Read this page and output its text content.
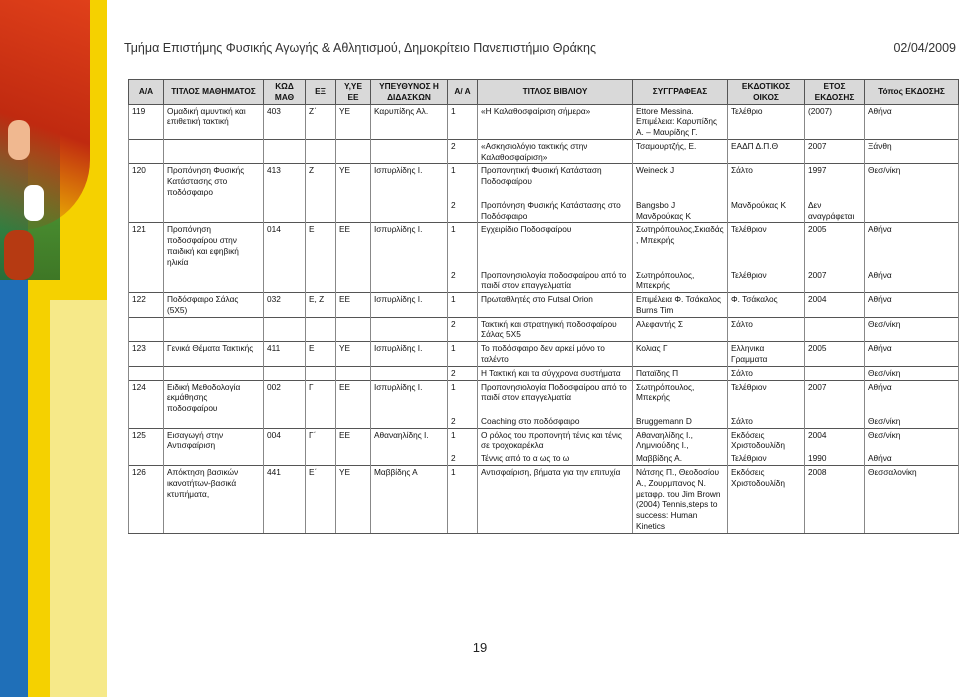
Τμήμα Επιστήμης Φυσικής Αγωγής & Αθλητισμού, Δημοκρίτειο Πανεπιστήμιο Θράκης	02/04/2009
Α/Α	ΤΙΤΛΟΣ ΜΑΘΗΜΑΤΟΣ	ΚΩΔ ΜΑΘ	ΕΞ	Υ,ΥΕ ΕΕ	ΥΠΕΥΘΥΝΟΣ Η ΔΙΔΑΣΚΩΝ	Α/ Α	ΤΙΤΛΟΣ ΒΙΒΛΙΟΥ	ΣΥΓΓΡΑΦΕΑΣ	ΕΚΔΟΤΙΚΟΣ ΟΙΚΟΣ	ΕΤΟΣ ΕΚΔΟΣΗΣ	Τόπος ΕΚΔΟΣΗΣ
119	Ομαδική αμυντική και επιθετική τακτική	403	Ζ΄	ΥΕ	Καρυπίδης Αλ.	1	«Η Καλαθοσφαίριση σήμερα»	Ettore Messina. Επιμέλεια: Καρυπίδης Α. – Μαυρίδης Γ.	Τελέθριο	(2007)	Αθήνα
						2	«Ασκησιολόγιο τακτικής στην Καλαθοσφαίριση»	Τσαμουρτζής, Ε.	ΕΑΔΠ Δ.Π.Θ	2007	Ξάνθη
120	Προπόνηση Φυσικής Κατάστασης στο ποδόσφαιρο	413	Ζ	ΥΕ	Ισπυρλίδης Ι.	1	Προπονητική Φυσική Κατάσταση Ποδοσφαίρου	Weineck J	Σάλτο	1997	Θεσ/νίκη
						2	Προπόνηση Φυσικής Κατάστασης στο Ποδόσφαιρο	Bangsbo J Μανδρούκας Κ	Μανδρούκας Κ	Δεν αναγράφεται	
121	Προπόνηση ποδοσφαίρου στην παιδική και εφηβική ηλικία	014	Ε	ΕΕ	Ισπυρλίδης Ι.	1	Εγχειρίδιο Ποδοσφαίρου	Σωτηρόπουλος,Σκιαδάς , Μπεκρής	Τελέθριον	2005	Αθήνα
						2	Προπονησιολογία ποδοσφαίρου από το παιδί στον επαγγελματία	Σωτηρόπουλος, Μπεκρής	Τελέθριον	2007	Αθήνα
122	Ποδόσφαιρο Σάλας (5Χ5)	032	Ε, Ζ	ΕΕ	Ισπυρλίδης Ι.	1	Πρωταθλητές στο Futsal Orion	Επιμέλεια Φ. Τσάκαλος Burns Tim	Φ. Τσάκαλος	2004	Αθήνα
						2	Τακτική και στρατηγική ποδοσφαίρου Σάλας 5Χ5	Αλεφαντής Σ	Σάλτο		Θεσ/νίκη
123	Γενικά Θέματα Τακτικής	411	Ε	ΥΕ	Ισπυρλίδης Ι.	1	Το ποδόσφαιρο δεν αρκεί μόνο το ταλέντο	Κολιας Γ	Ελληνικα Γραμματα	2005	Αθήνα
						2	Η Τακτική και τα σύγχρονα συστήματα	Παταϊδης Π	Σάλτο		Θεσ/νίκη
124	Ειδική Μεθοδολογία εκμάθησης ποδοσφαίρου	002	Γ	ΕΕ	Ισπυρλίδης Ι.	1	Προπονησιολογία Ποδοσφαίρου από το παιδί στον επαγγελματία	Σωτηρόπουλος, Μπεκρής	Τελέθριον	2007	Αθήνα
						2	Coaching στο ποδόσφαιρο	Bruggemann D	Σάλτο		Θεσ/νίκη
125	Εισαγωγή στην Αντισφαίριση	004	Γ΄	ΕΕ	Αθαναηλίδης Ι.	1	Ο ρόλος του προπονητή τένις και τένις σε τροχοκαρέκλα	Αθαναηλίδης Ι., Λημνιούδης Ι.,	Εκδόσεις Χριστοδουλίδη	2004	Θεσ/νίκη
						2	Τέννις από το α ως το ω	Μαββίδης Α.	Τελέθριον	1990	Αθήνα
126	Απόκτηση βασικών ικανοτήτων-βασικά κτυπήματα,	441	Ε΄	ΥΕ	Μαββίδης Α	1	Αντισφαίριση, βήματα για την επιτυχία	Νάτσης Π., Θεοδοσίου Α., Ζουρμπανος Ν. μεταφρ. του Jim Brown (2004) Tennis,steps to success: Human Kinetics	Εκδόσεις Χριστοδουλίδη	2008	Θεσσαλονίκη
19
